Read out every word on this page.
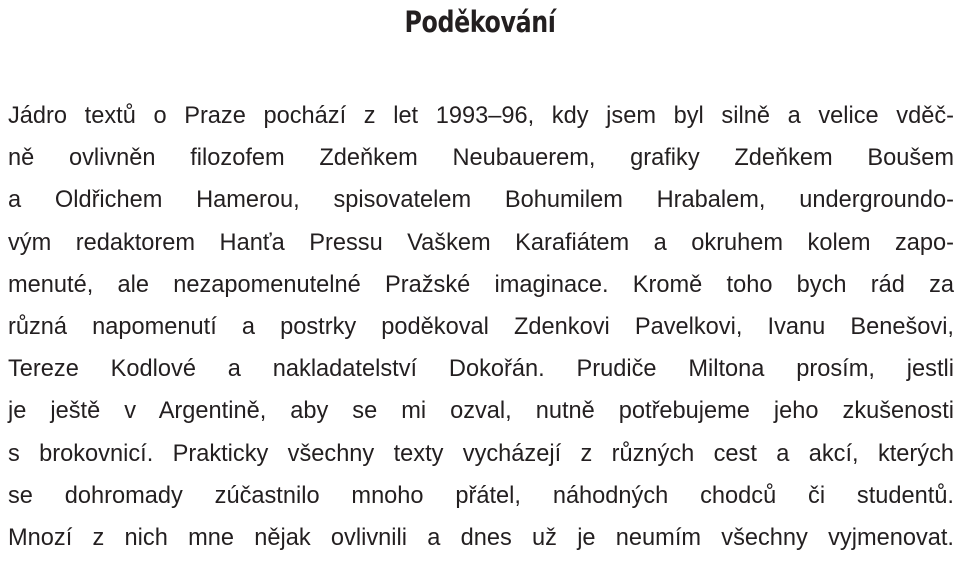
Poděkování
Jádro textů o Praze pochází z let 1993–96, kdy jsem byl silně a velice vděč-
ně ovlivněn filozofem Zdeňkem Neubauerem, grafiky Zdeňkem Boušem
a Oldřichem Hamerou, spisovatelem Bohumilem Hrabalem, undergroundo-
vým redaktorem Hanťa Pressu Vaškem Karafiátem a okruhem kolem zapo-
menuté, ale nezapomenutelné Pražské imaginace. Kromě toho bych rád za
různá napomenutí a postrky poděkoval Zdenkovi Pavelkovi, Ivanu Benešovi,
Tereze Kodlové a nakladatelství Dokořán. Prudiče Miltona prosím, jestli
je ještě v Argentině, aby se mi ozval, nutně potřebujeme jeho zkušenosti
s brokovnicí. Prakticky všechny texty vycházejí z různých cest a akcí, kterých
se dohromady zúčastnilo mnoho přátel, náhodných chodců či studentů.
Mnozí z nich mne nějak ovlivnili a dnes už je neumím všechny vyjmenovat.
